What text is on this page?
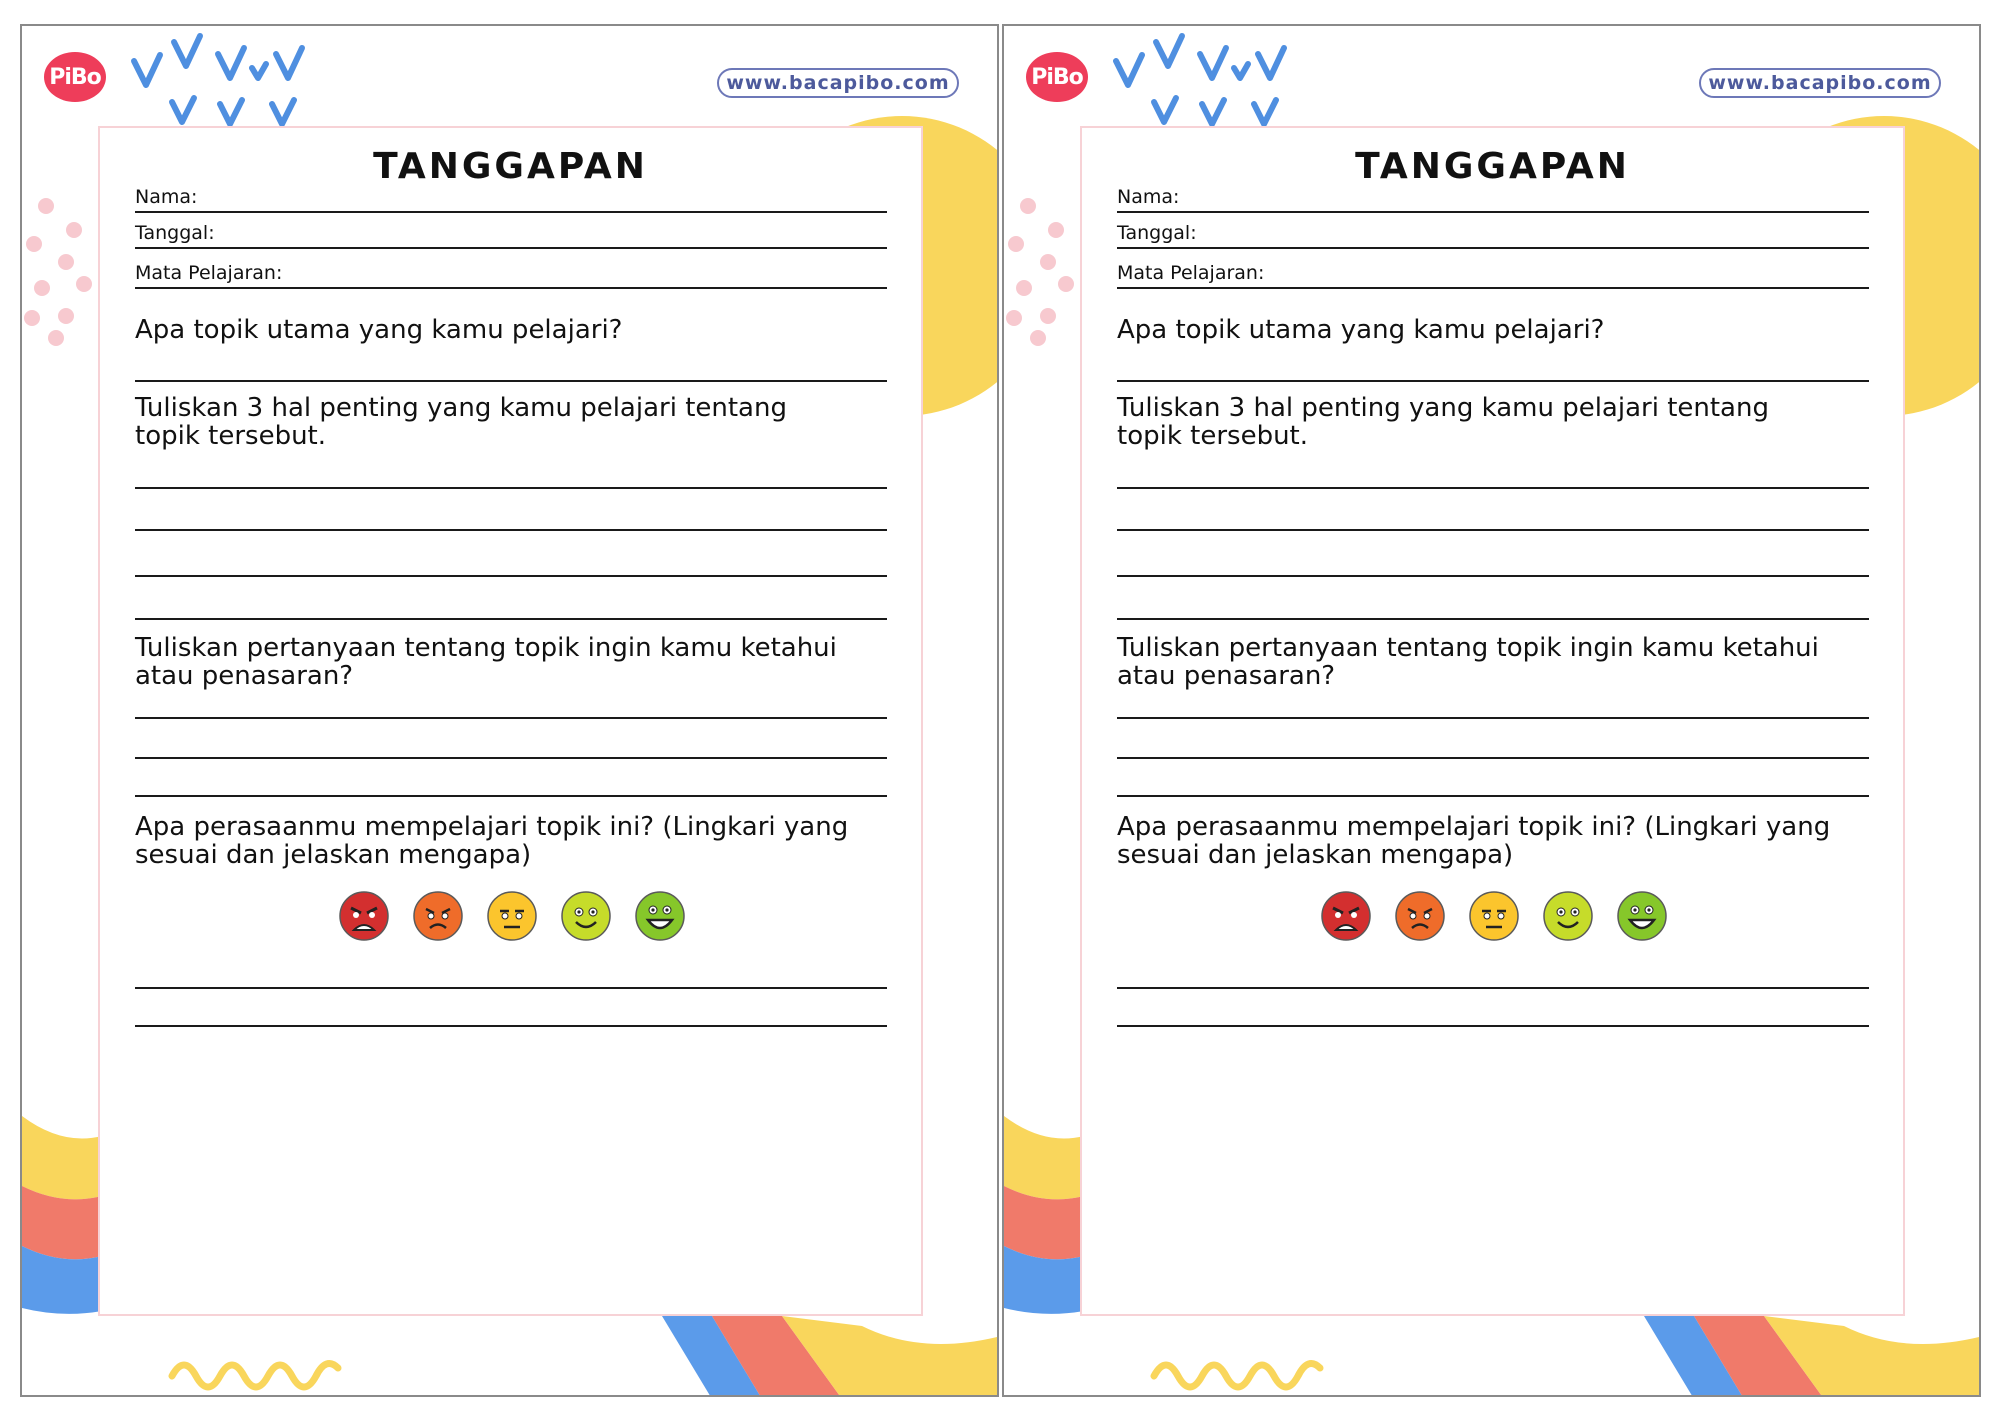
PiBo	www.bacapibo.com
TANGGAPAN
Nama:
Tanggal:
Mata Pelajaran:
Apa topik utama yang kamu pelajari?
Tuliskan 3 hal penting yang kamu pelajari tentang
topik tersebut.
Tuliskan pertanyaan tentang topik ingin kamu ketahui
atau penasaran?
Apa perasaanmu mempelajari topik ini? (Lingkari yang
sesuai dan jelaskan mengapa)
PiBo	www.bacapibo.com
TANGGAPAN
Nama:
Tanggal:
Mata Pelajaran:
Apa topik utama yang kamu pelajari?
Tuliskan 3 hal penting yang kamu pelajari tentang
topik tersebut.
Tuliskan pertanyaan tentang topik ingin kamu ketahui
atau penasaran?
Apa perasaanmu mempelajari topik ini? (Lingkari yang
sesuai dan jelaskan mengapa)
